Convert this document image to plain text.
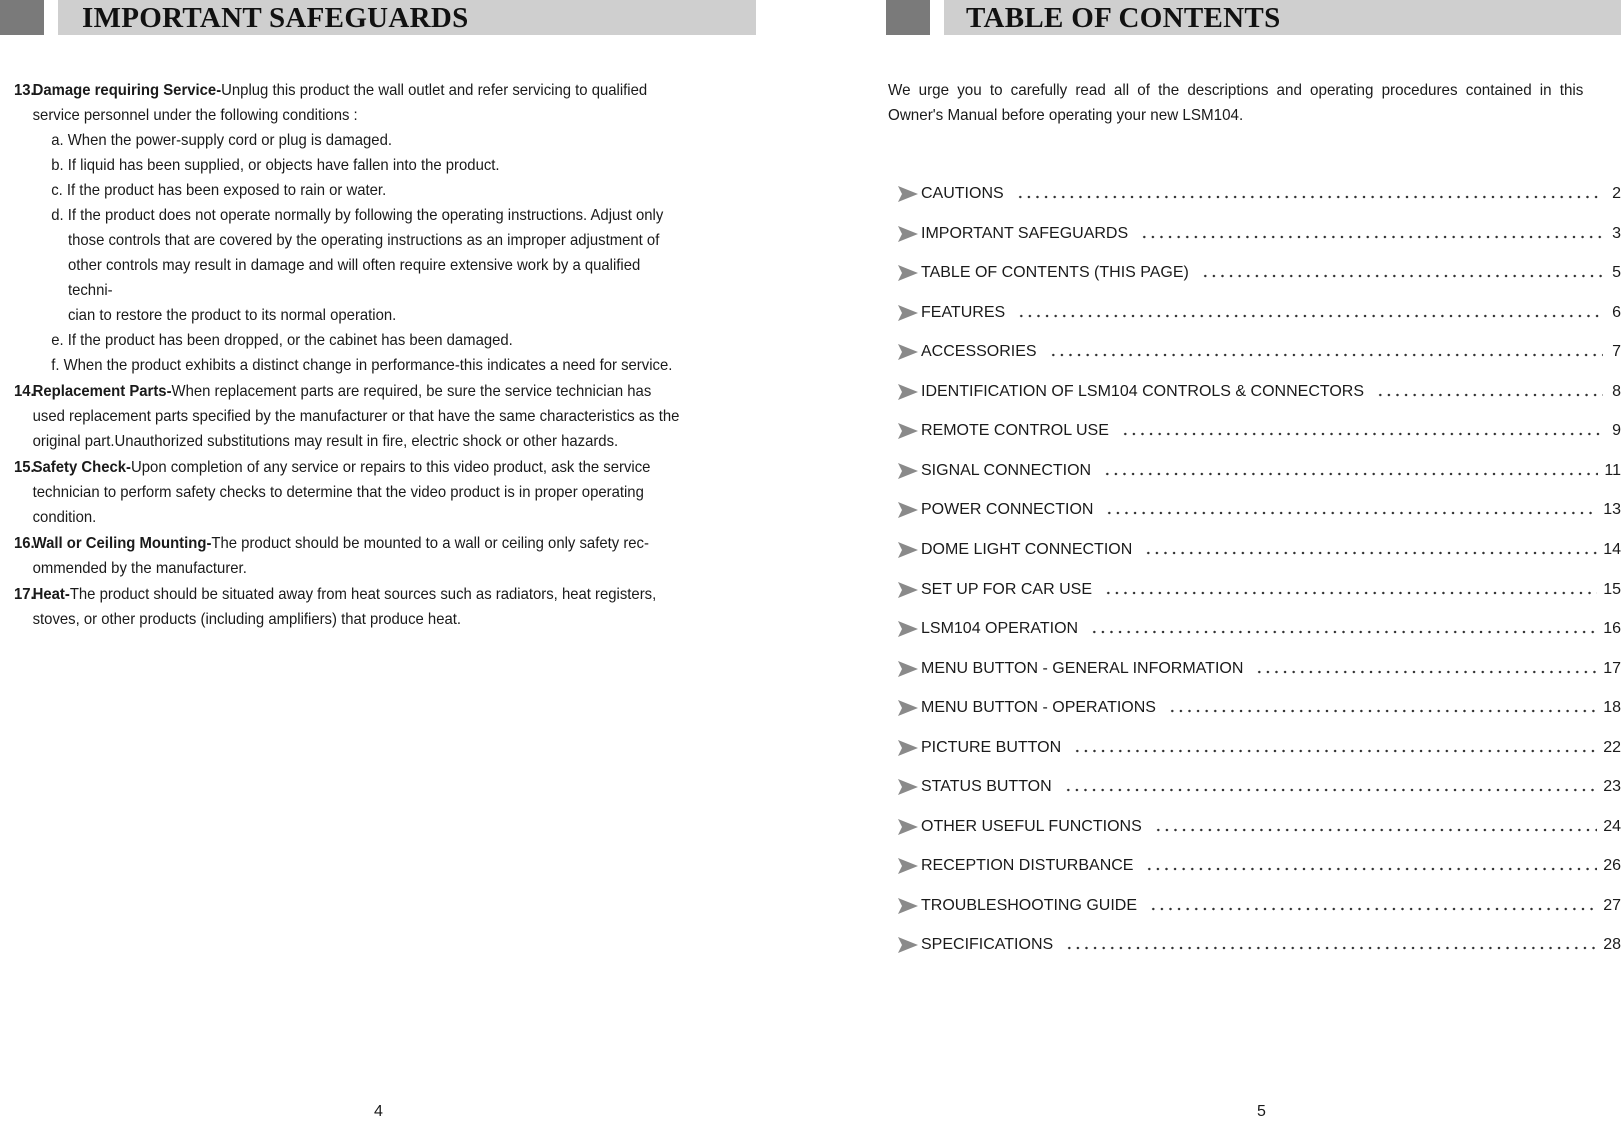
IMPORTANT SAFEGUARDS	TABLE OF CONTENTS
13.
Damage requiring Service-Unplug this product the wall outlet and refer servicing to qualified service personnel under the following conditions :
a. When the power-supply cord or plug is damaged.
b. If liquid has been supplied, or objects have fallen into the product.
c. If the product has been exposed to rain or water.
d. If the product does not operate normally by following the operating instructions. Adjust only
those controls that are covered by the operating instructions as an improper adjustment of
other controls may result in damage and will often require extensive work by a qualified techni-
cian to restore the product to its normal operation.
e. If the product has been dropped, or the cabinet has been damaged.
f. When the product exhibits a distinct change in performance-this indicates a need for service.
14.
Replacement Parts-When replacement parts are required, be sure the service technician has used replacement parts specified by the manufacturer or that have the same characteristics as the original part.Unauthorized substitutions may result in fire, electric shock or other hazards.
15.
Safety Check-Upon completion of any service or repairs to this video product, ask the service technician to perform safety checks to determine that the video product is in proper operating condition.
16.
Wall or Ceiling Mounting-The product should be mounted to a wall or ceiling only safety rec-ommended by the manufacturer.
17.
Heat-The product should be situated away from heat sources such as radiators, heat registers, stoves, or other products (including amplifiers) that produce heat.
We urge you to carefully read all of the descriptions and operating procedures contained in this Owner's Manual before operating your new LSM104.
CAUTIONS	2
IMPORTANT SAFEGUARDS	3
TABLE OF CONTENTS (THIS PAGE)	5
FEATURES	6
ACCESSORIES	7
IDENTIFICATION OF LSM104 CONTROLS & CONNECTORS	8
REMOTE CONTROL USE	9
SIGNAL CONNECTION	11
POWER CONNECTION	13
DOME LIGHT CONNECTION	14
SET UP FOR CAR USE	15
LSM104 OPERATION	16
MENU BUTTON - GENERAL INFORMATION	17
MENU BUTTON - OPERATIONS	18
PICTURE BUTTON	22
STATUS BUTTON	23
OTHER USEFUL FUNCTIONS	24
RECEPTION DISTURBANCE	26
TROUBLESHOOTING GUIDE	27
SPECIFICATIONS	28
4	5
